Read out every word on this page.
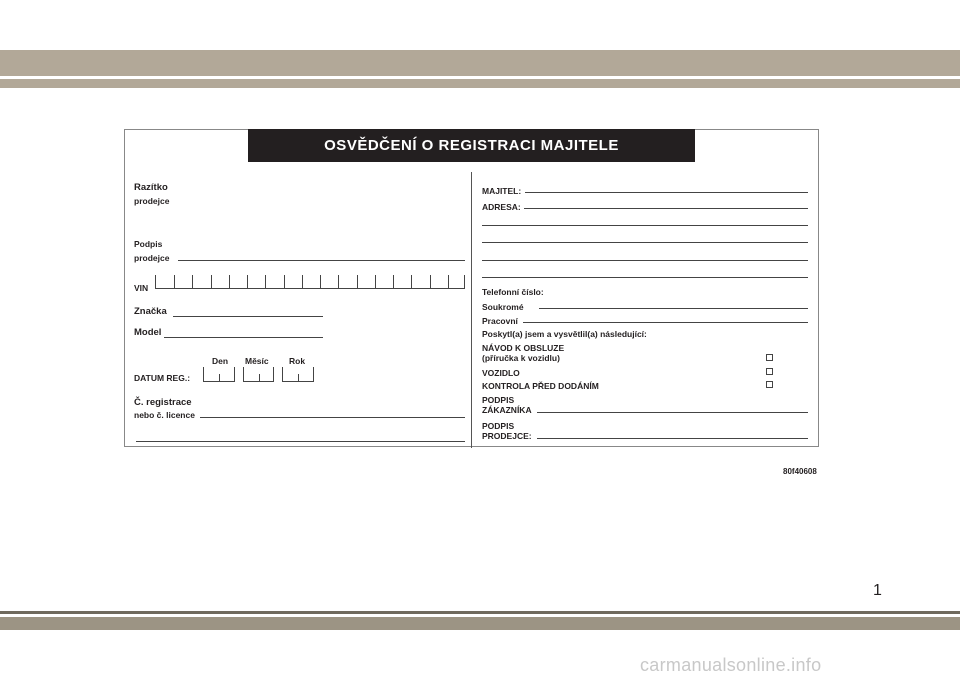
OSVĚDČENÍ O REGISTRACI MAJITELE
Razítko
prodejce
Podpis
prodejce
VIN
Značka
Model
Den Měsíc Rok
DATUM REG.:
Č. registrace
nebo č. licence
MAJITEL:
ADRESA:
Telefonní číslo:
Soukromé
Pracovní
Poskytl(a) jsem a vysvětlil(a) následující:
NÁVOD K OBSLUZE
(příručka k vozidlu)
VOZIDLO
KONTROLA PŘED DODÁNÍM
PODPIS
ZÁKAZNÍKA
PODPIS
PRODEJCE:
80f40608
1
carmanualsonline.info
